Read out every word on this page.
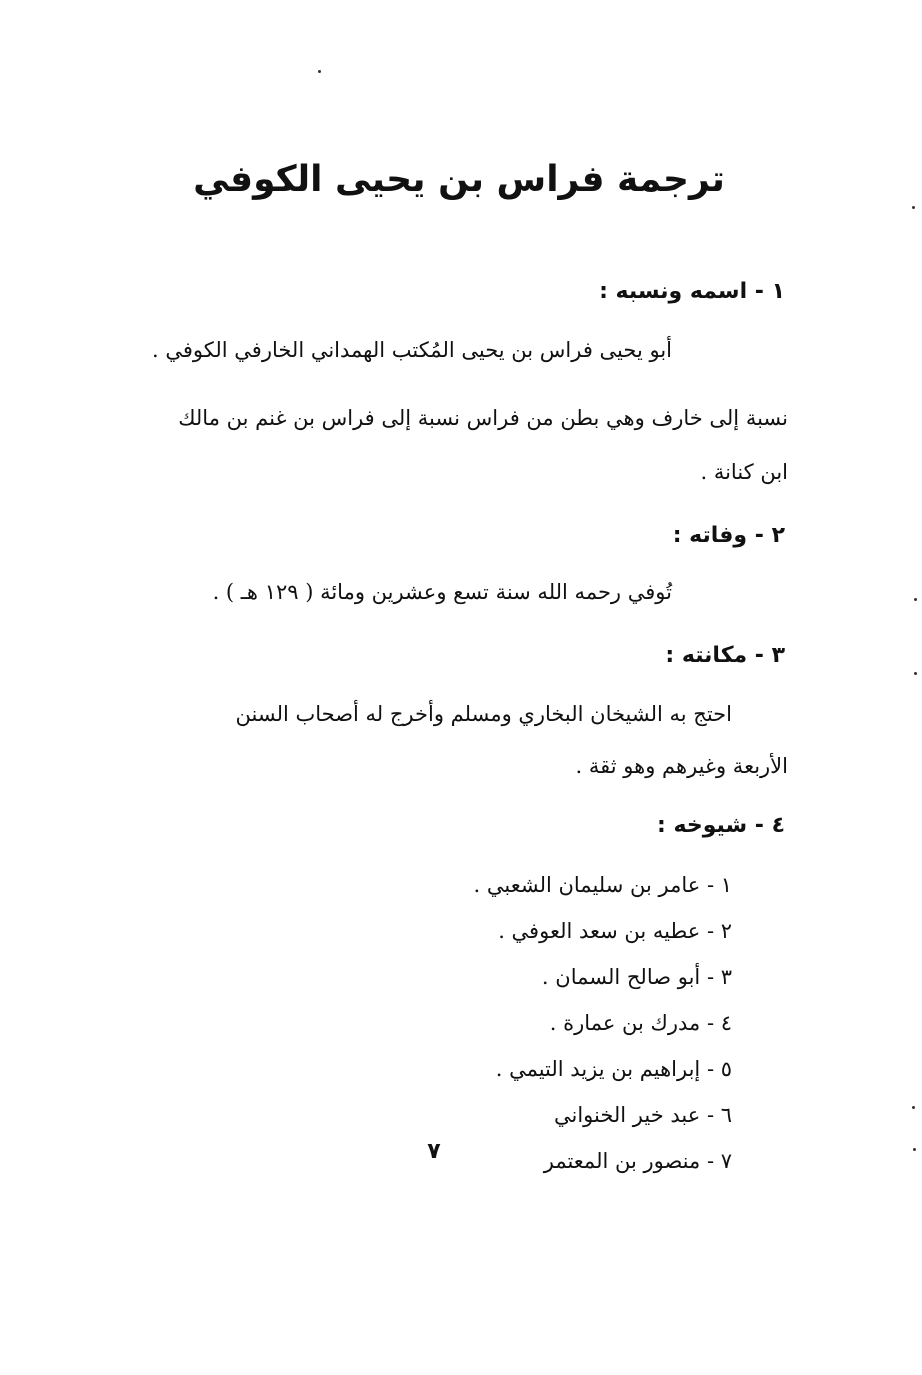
ترجمة فراس بن يحيى الكوفي
١ - اسمه ونسبه :
أبو يحيى فراس بن يحيى المُكتب الهمداني الخارفي الكوفي .
نسبة إلى خارف وهي بطن من فراس نسبة إلى فراس بن غنم بن مالك
ابن كنانة .
٢ - وفاته :
تُوفي رحمه الله سنة تسع وعشرين ومائة ( ١٢٩ هـ ) .
٣ - مكانته :
احتج به الشيخان البخاري ومسلم وأخرج له أصحاب السنن
الأربعة وغيرهم وهو ثقة .
٤ - شيوخه :
١ - عامر بن سليمان الشعبي .
٢ - عطيه بن سعد العوفي .
٣ - أبو صالح السمان .
٤ - مدرك بن عمارة .
٥ - إبراهيم بن يزيد التيمي .
٦ - عبد خير الخنواني
٧ - منصور بن المعتمر
٧
